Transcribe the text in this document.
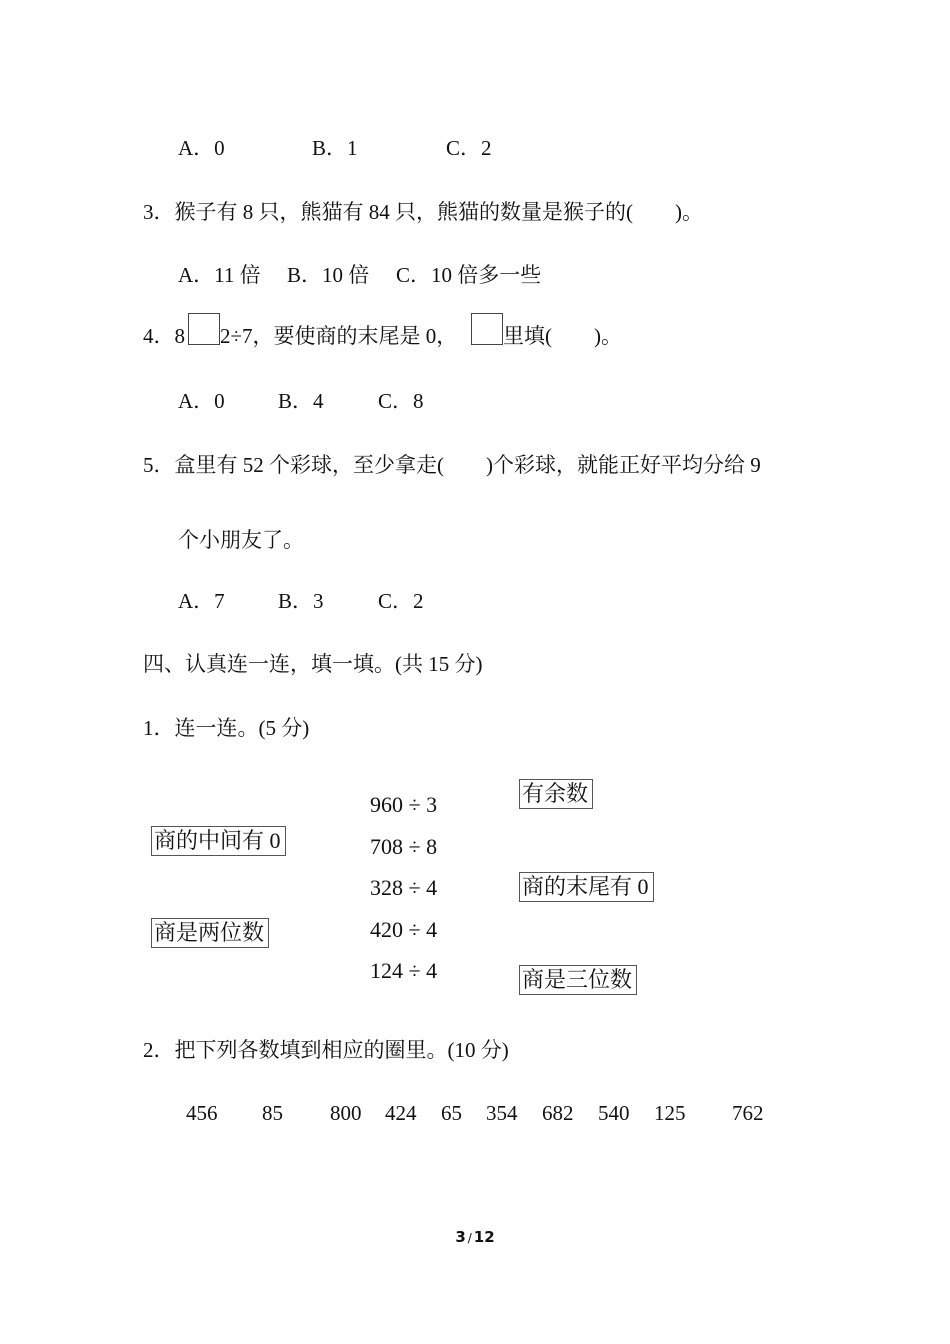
A．0	B．1	C．2
3．猴子有 8 只，熊猫有 84 只，熊猫的数量是猴子的(　　)。
A．11 倍 B．10 倍 C．10 倍多一些
4．8 2÷7，要使商的末尾是 0， 里填(　　)。
A．0	B．4	C．8
5．盒里有 52 个彩球，至少拿走(　　)个彩球，就能正好平均分给 9
个小朋友了。
A．7	B．3	C．2
四、认真连一连，填一填。(共 15 分)
1．连一连。(5 分)
商的中间有 0
商是两位数
960 ÷ 3
708 ÷ 8
328 ÷ 4
420 ÷ 4
124 ÷ 4
有余数
商的末尾有 0
商是三位数
2．把下列各数填到相应的圈里。(10 分)
456 85 800 424 65 354 682 540 125 762
3 / 12
